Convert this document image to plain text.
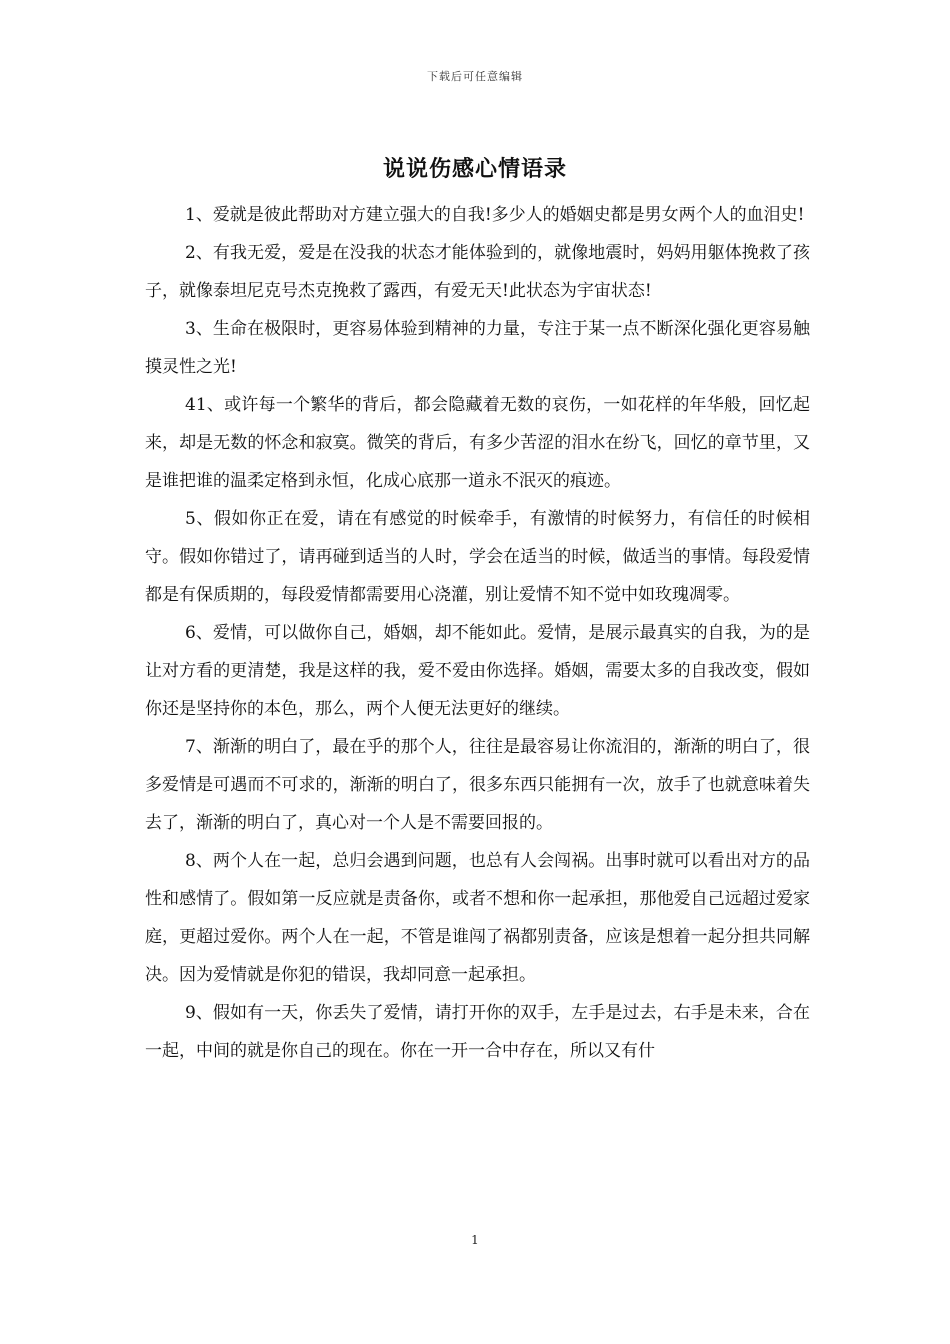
下载后可任意编辑
说说伤感心情语录

1、爱就是彼此帮助对方建立强大的自我!多少人的婚姻史都是男女两个人的血泪史!

2、有我无爱，爱是在没我的状态才能体验到的，就像地震时，妈妈用躯体挽救了孩子，就像泰坦尼克号杰克挽救了露西，有爱无天!此状态为宇宙状态!

3、生命在极限时，更容易体验到精神的力量，专注于某一点不断深化强化更容易触摸灵性之光!

41、或许每一个繁华的背后，都会隐藏着无数的哀伤，一如花样的年华般，回忆起来，却是无数的怀念和寂寞。微笑的背后，有多少苦涩的泪水在纷飞，回忆的章节里，又是谁把谁的温柔定格到永恒，化成心底那一道永不泯灭的痕迹。

5、假如你正在爱，请在有感觉的时候牵手，有激情的时候努力，有信任的时候相守。假如你错过了，请再碰到适当的人时，学会在适当的时候，做适当的事情。每段爱情都是有保质期的，每段爱情都需要用心浇灌，别让爱情不知不觉中如玫瑰凋零。

6、爱情，可以做你自己，婚姻，却不能如此。爱情，是展示最真实的自我，为的是让对方看的更清楚，我是这样的我，爱不爱由你选择。婚姻，需要太多的自我改变，假如你还是坚持你的本色，那么，两个人便无法更好的继续。

7、渐渐的明白了，最在乎的那个人，往往是最容易让你流泪的，渐渐的明白了，很多爱情是可遇而不可求的，渐渐的明白了，很多东西只能拥有一次，放手了也就意味着失去了，渐渐的明白了，真心对一个人是不需要回报的。

8、两个人在一起，总归会遇到问题，也总有人会闯祸。出事时就可以看出对方的品性和感情了。假如第一反应就是责备你，或者不想和你一起承担，那他爱自己远超过爱家庭，更超过爱你。两个人在一起，不管是谁闯了祸都别责备，应该是想着一起分担共同解决。因为爱情就是你犯的错误，我却同意一起承担。

9、假如有一天，你丢失了爱情，请打开你的双手，左手是过去，右手是未来，合在一起，中间的就是你自己的现在。你在一开一合中存在，所以又有什

1
